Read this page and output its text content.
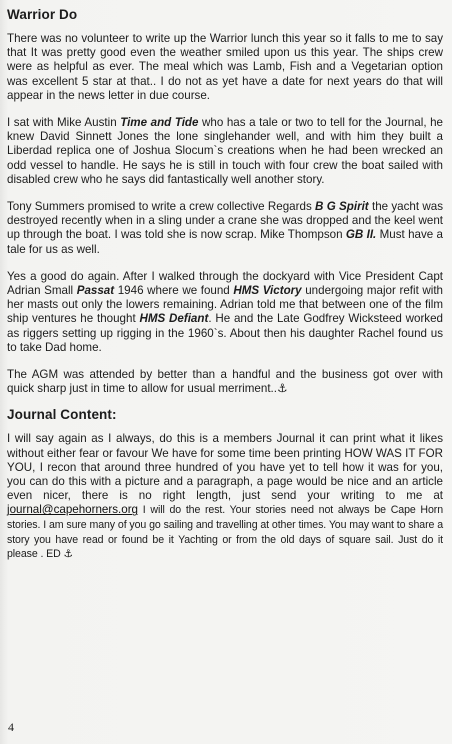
Warrior Do

There was no volunteer to write up the Warrior lunch this year so it falls to me to say that It was pretty good even the weather smiled upon us this year. The ships crew were as helpful as ever. The meal which was Lamb, Fish and a Vegetarian option was excellent 5 star at that.. I do not as yet have a date for next years do that will appear in the news letter in due course.

I sat with Mike Austin Time and Tide who has a tale or two to tell for the Journal, he knew David Sinnett Jones the lone singlehander well, and with him they built a Liberdad replica one of Joshua Slocum`s creations when he had been wrecked an odd vessel to handle. He says he is still in touch with four crew the boat sailed with disabled crew who he says did fantastically well another story.

Tony Summers promised to write a crew collective Regards B G Spirit the yacht was destroyed recently when in a sling under a crane she was dropped and the keel went up through the boat. I was told she is now scrap. Mike Thompson GB II. Must have a tale for us as well.

Yes a good do again. After I walked through the dockyard with Vice President Capt Adrian Small Passat 1946 where we found HMS Victory undergoing major refit with her masts out only the lowers remaining. Adrian told me that between one of the film ship ventures he thought HMS Defiant. He and the Late Godfrey Wicksteed worked as riggers setting up rigging in the 1960`s. About then his daughter Rachel found us to take Dad home.

The AGM was attended by better than a handful and the business got over with quick sharp just in time to allow for usual merriment..⚓

Journal Content:

I will say again as I always, do this is a members Journal it can print what it likes without either fear or favour We have for some time been printing HOW WAS IT FOR YOU, I recon that around three hundred of you have yet to tell how it was for you, you can do this with a picture and a paragraph, a page would be nice and an article even nicer, there is no right length, just send your writing to me at journal@capehorners.org I will do the rest. Your stories need not always be Cape Horn stories. I am sure many of you go sailing and travelling at other times. You may want to share a story you have read or found be it Yachting or from the old days of square sail. Just do it please . ED ⚓

4
